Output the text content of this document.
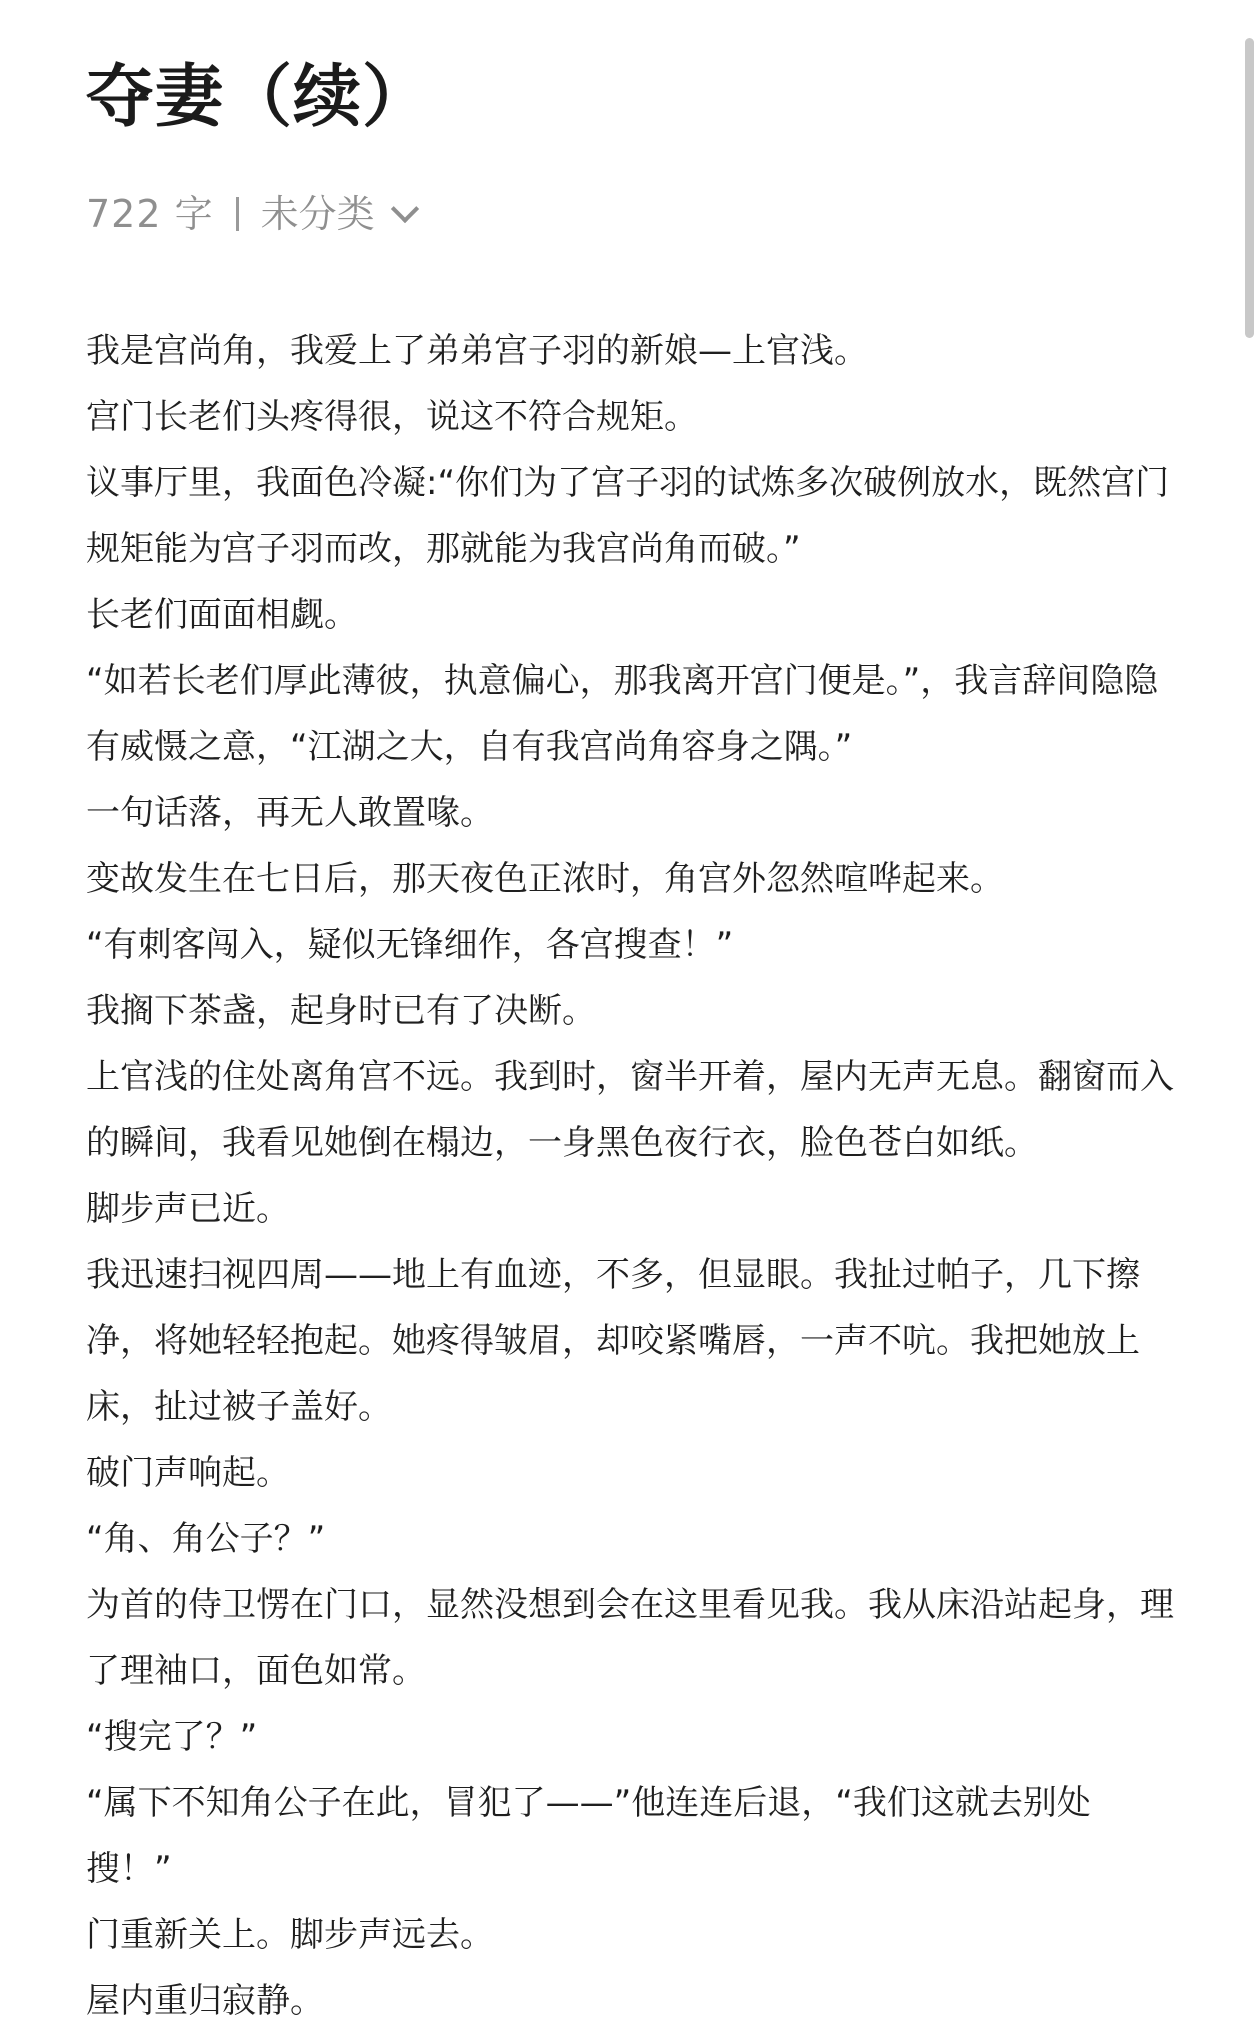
夺妻（续）
722 字 未分类

我是宫尚角，我爱上了弟弟宫子羽的新娘—上官浅。

宫门长老们头疼得很，说这不符合规矩。

议事厅里，我面色冷凝:“你们为了宫子羽的试炼多次破例放水，既然宫门规矩能为宫子羽而改，那就能为我宫尚角而破。”

长老们面面相觑。

“如若长老们厚此薄彼，执意偏心，那我离开宫门便是。”，我言辞间隐隐有威慑之意，“江湖之大，自有我宫尚角容身之隅。”

一句话落，再无人敢置喙。

变故发生在七日后，那天夜色正浓时，角宫外忽然喧哗起来。

“有刺客闯入，疑似无锋细作，各宫搜查！”

我搁下茶盏，起身时已有了决断。

上官浅的住处离角宫不远。我到时，窗半开着，屋内无声无息。翻窗而入的瞬间，我看见她倒在榻边，一身黑色夜行衣，脸色苍白如纸。

脚步声已近。

我迅速扫视四周——地上有血迹，不多，但显眼。我扯过帕子，几下擦净，将她轻轻抱起。她疼得皱眉，却咬紧嘴唇，一声不吭。我把她放上床，扯过被子盖好。

破门声响起。

“角、角公子？”

为首的侍卫愣在门口，显然没想到会在这里看见我。我从床沿站起身，理了理袖口，面色如常。

“搜完了？”

“属下不知角公子在此，冒犯了——”他连连后退，“我们这就去别处搜！”

门重新关上。脚步声远去。

屋内重归寂静。
